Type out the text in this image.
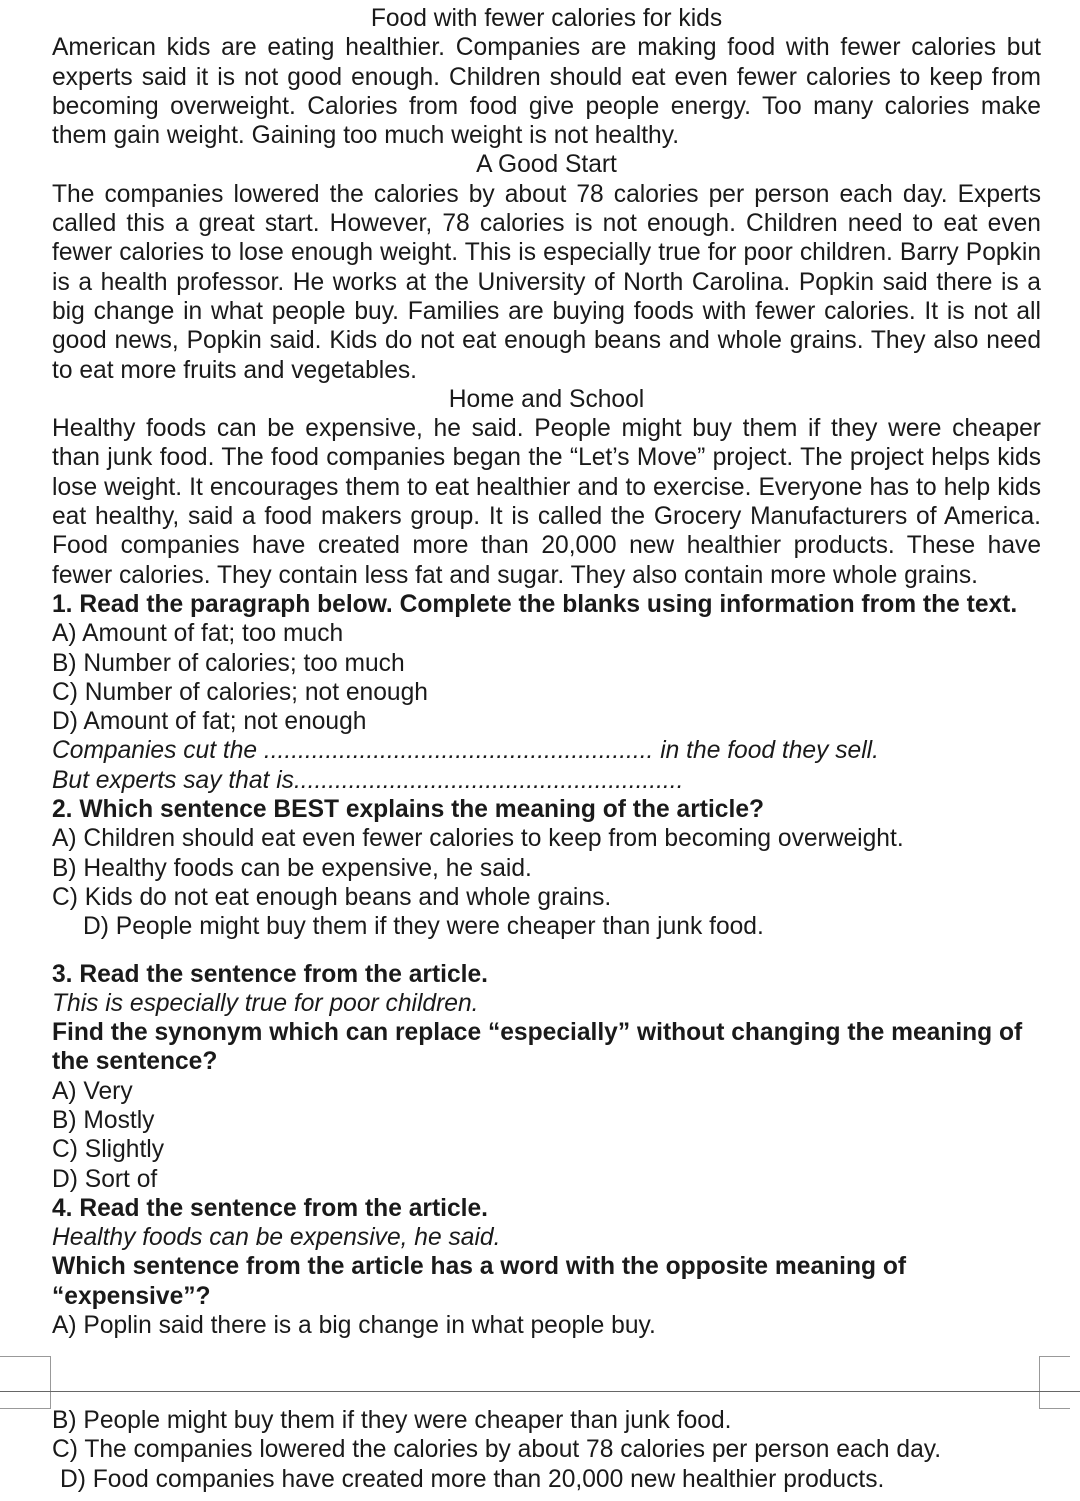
Food with fewer calories for kids

American kids are eating healthier. Companies are making food with fewer calories but experts said it is not good enough. Children should eat even fewer calories to keep from becoming overweight. Calories from food give people energy. Too many calories make them gain weight. Gaining too much weight is not healthy.

A Good Start

The companies lowered the calories by about 78 calories per person each day. Experts called this a great start. However, 78 calories is not enough. Children need to eat even fewer calories to lose enough weight. This is especially true for poor children. Barry Popkin is a health professor. He works at the University of North Carolina. Popkin said there is a big change in what people buy. Families are buying foods with fewer calories. It is not all good news, Popkin said. Kids do not eat enough beans and whole grains. They also need to eat more fruits and vegetables.

Home and School

Healthy foods can be expensive, he said. People might buy them if they were cheaper than junk food. The food companies began the “Let’s Move” project. The project helps kids lose weight. It encourages them to eat healthier and to exercise. Everyone has to help kids eat healthy, said a food makers group. It is called the Grocery Manufacturers of America. Food companies have created more than 20,000 new healthier products. These have fewer calories. They contain less fat and sugar. They also contain more whole grains.

1. Read the paragraph below. Complete the blanks using information from the text.

A) Amount of fat; too much

B) Number of calories; too much

C) Number of calories; not enough

D) Amount of fat; not enough

Companies cut the ......................................................... in the food they sell.

But experts say that is.........................................................

2. Which sentence BEST explains the meaning of the article?

A) Children should eat even fewer calories to keep from becoming overweight.

B) Healthy foods can be expensive, he said.

C) Kids do not eat enough beans and whole grains.

D) People might buy them if they were cheaper than junk food.

3. Read the sentence from the article.

This is especially true for poor children.

Find the synonym which can replace “especially” without changing the meaning of the sentence?

A) Very

B) Mostly

C) Slightly

D) Sort of

4. Read the sentence from the article.

Healthy foods can be expensive, he said.

Which sentence from the article has a word with the opposite meaning of “expensive”?

A) Poplin said there is a big change in what people buy.

B) People might buy them if they were cheaper than junk food.

C) The companies lowered the calories by about 78 calories per person each day.

D) Food companies have created more than 20,000 new healthier products.
